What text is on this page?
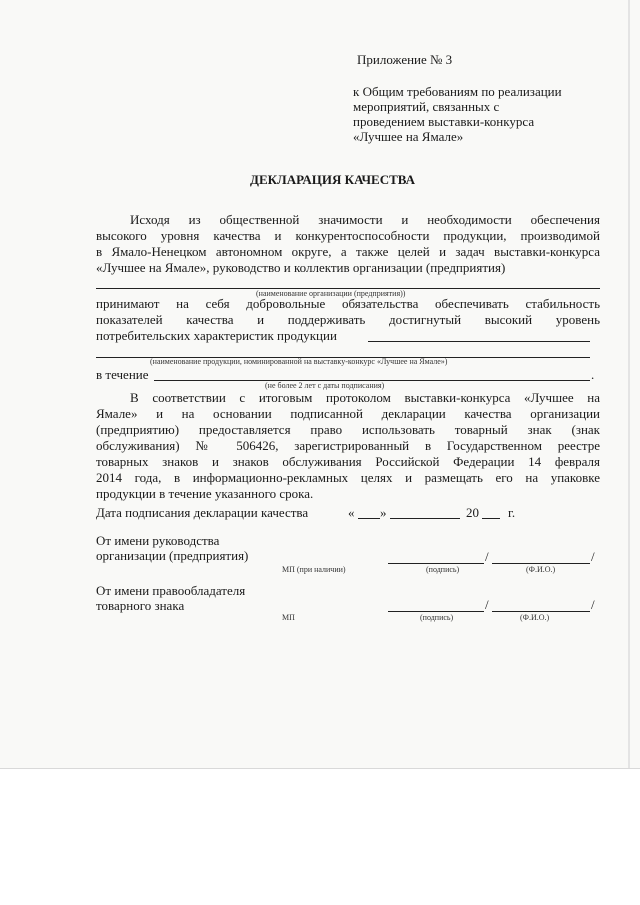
Приложение № 3
к Общим требованиям по реализации
мероприятий, связанных с
проведением выставки-конкурса
«Лучшее на Ямале»
ДЕКЛАРАЦИЯ КАЧЕСТВА
Исходя из общественной значимости и необходимости обеспечения
высокого уровня качества и конкурентоспособности продукции, производимой
в Ямало-Ненецком автономном округе, а также целей и задач выставки-конкурса
«Лучшее на Ямале», руководство и коллектив организации (предприятия)
(наименование организации (предприятия))
принимают на себя добровольные обязательства обеспечивать стабильность
показателей качества и поддерживать достигнутый высокий уровень
потребительских характеристик продукции
(наименование продукции, номинированной на выставку-конкурс «Лучшее на Ямале»)
в течение	.
(не более 2 лет с даты подписания)
В соответствии с итоговым протоколом выставки-конкурса «Лучшее на
Ямале» и на основании подписанной декларации качества организации
(предприятию) предоставляется право использовать товарный знак (знак
обслуживания) № 506426, зарегистрированный в Государственном реестре
товарных знаков и знаков обслуживания Российской Федерации 14 февраля
2014 года, в информационно-рекламных целях и размещать его на упаковке
продукции в течение указанного срока.
Дата подписания декларации качества	« »	20 г.
От имени руководства
организации (предприятия)	/	/
МП (при наличии)	(подпись)	(Ф.И.О.)
От имени правообладателя
товарного знака	/	/
МП	(подпись)	(Ф.И.О.)
